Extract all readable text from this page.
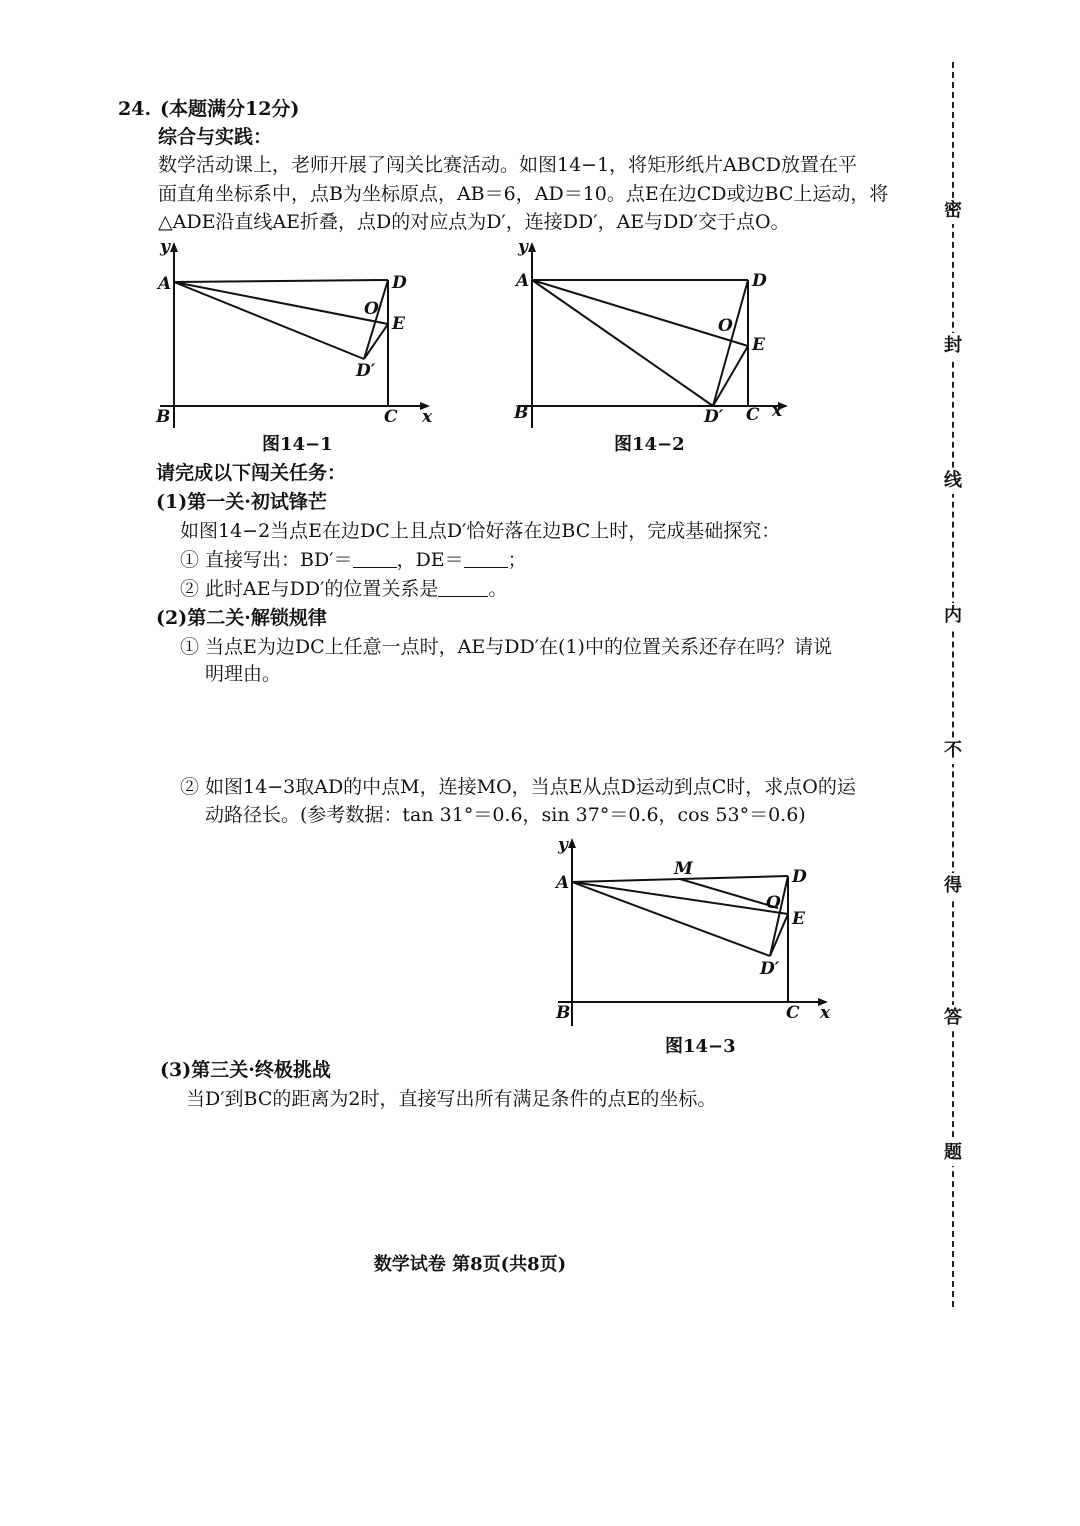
24. (本题满分12分)
综合与实践：
数学活动课上，老师开展了闯关比赛活动。如图14−1，将矩形纸片ABCD放置在平
面直角坐标系中，点B为坐标原点，AB＝6，AD＝10。点E在边CD或边BC上运动，将
△ADE沿直线AE折叠，点D的对应点为D′，连接DD′，AE与DD′交于点O。
y
A	D
O
E
D′
B	C x
图14−1
y
A	D
O
E
D′
B	C x
图14−2
请完成以下闯关任务：
(1)第一关·初试锋芒
如图14−2当点E在边DC上且点D′恰好落在边BC上时，完成基础探究：
① 直接写出：BD′＝ ，DE＝ ；
② 此时AE与DD′的位置关系是	。
(2)第二关·解锁规律
① 当点E为边DC上任意一点时，AE与DD′在(1)中的位置关系还存在吗？请说
明理由。
② 如图14−3取AD的中点M，连接MO，当点E从点D运动到点C时，求点O的运
动路径长。(参考数据：tan 31°＝0.6，sin 37°＝0.6，cos 53°＝0.6)
y
A
M	D
O
E
D′
B	C x
图14−3
(3)第三关·终极挑战
当D′到BC的距离为2时，直接写出所有满足条件的点E的坐标。
数学试卷 第8页(共8页)
密
封
线
内
不
得
答
题
